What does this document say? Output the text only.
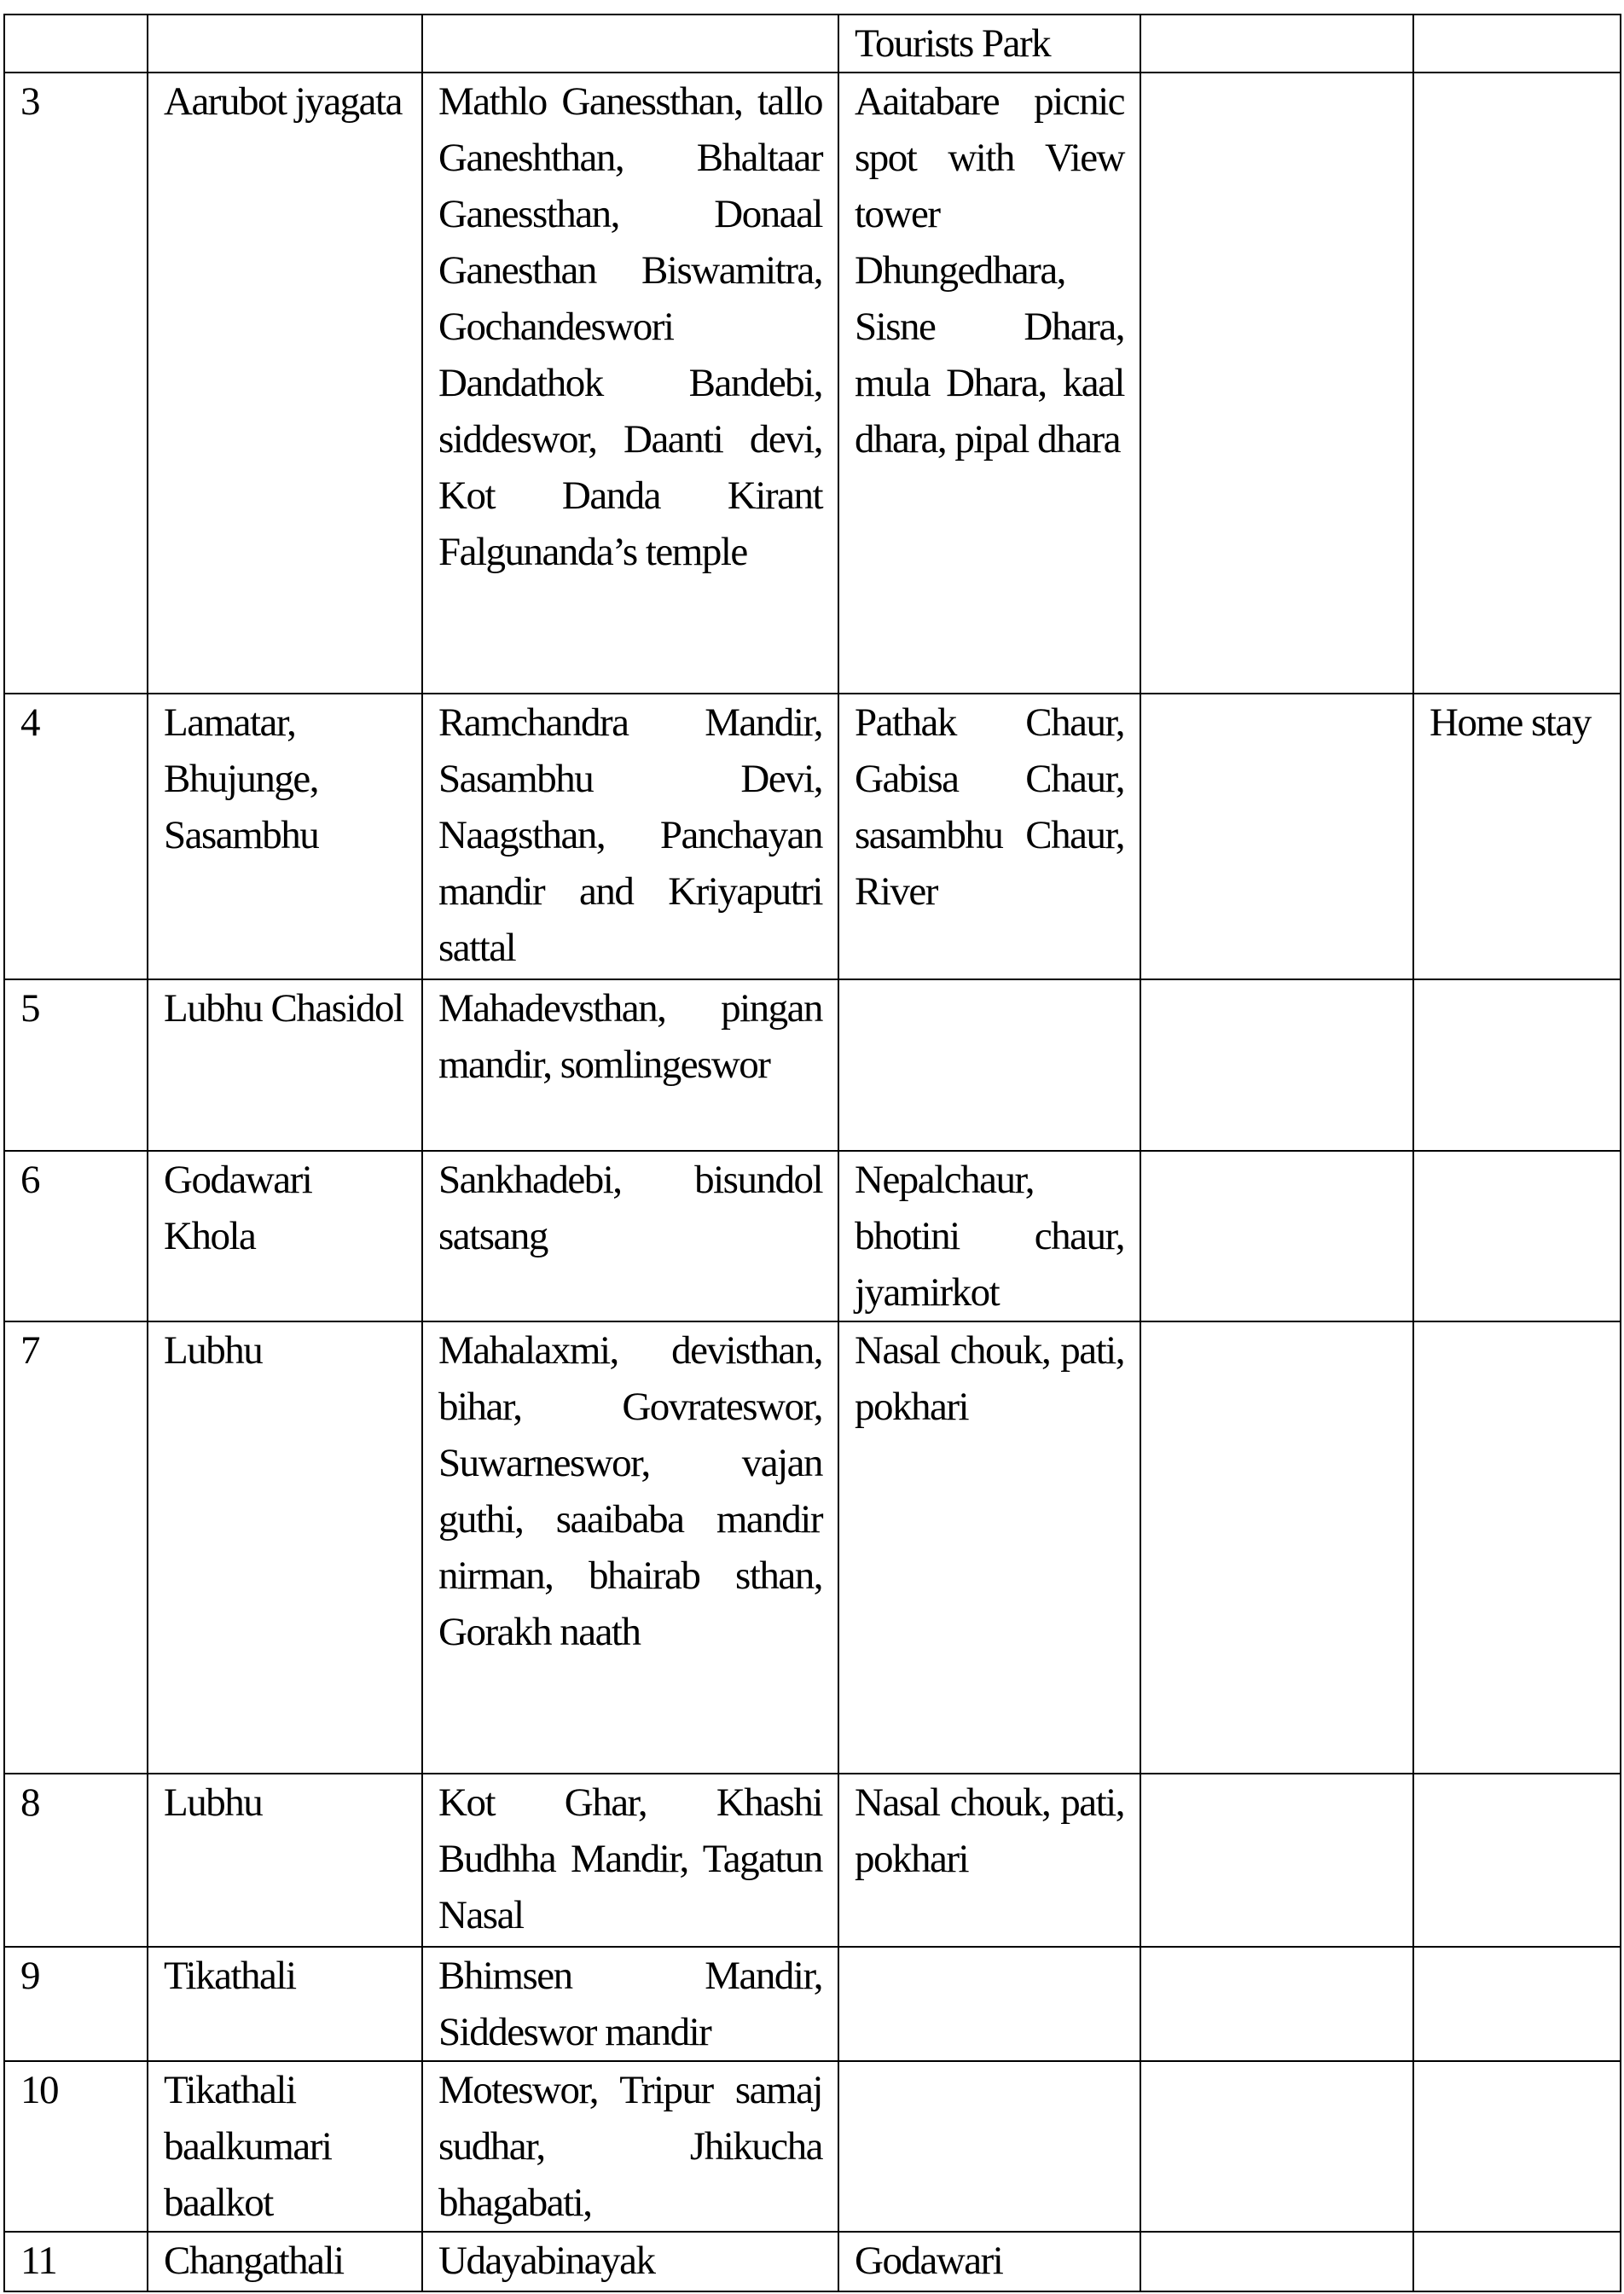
			Tourists Park		

3	Aarubot jyagata	Mathlo Ganessthan, tallo Ganeshthan, Bhaltaar Ganessthan, Donaal Ganesthan Biswamitra, Gochandeswori Dandathok Bandebi, siddeswor, Daanti devi, Kot Danda Kirant Falgunanda’s temple	Aaitabare picnic spot with View tower Dhungedhara, Sisne Dhara, mula Dhara, kaal dhara, pipal dhara		

4	Lamatar, Bhujunge, Sasambhu	Ramchandra Mandir, Sasambhu Devi, Naagsthan, Panchayan mandir and Kriyaputri sattal	Pathak Chaur, Gabisa Chaur, sasambhu Chaur, River		Home stay

5	Lubhu Chasidol	Mahadevsthan, pingan mandir, somlingeswor			

6	Godawari Khola	Sankhadebi, bisundol satsang	Nepalchaur, bhotini chaur, jyamirkot		

7	Lubhu	Mahalaxmi, devisthan, bihar, Govrateswor, Suwarneswor, vajan guthi, saaibaba mandir nirman, bhairab sthan, Gorakh naath	Nasal chouk, pati, pokhari		

8	Lubhu	Kot Ghar, Khashi Budhha Mandir, Tagatun Nasal	Nasal chouk, pati, pokhari		

9	Tikathali	Bhimsen Mandir, Siddeswor mandir			

10	Tikathali baalkumari baalkot	Moteswor, Tripur samaj sudhar, Jhikucha bhagabati,			

11	Changathali	Udayabinayak	Godawari		
